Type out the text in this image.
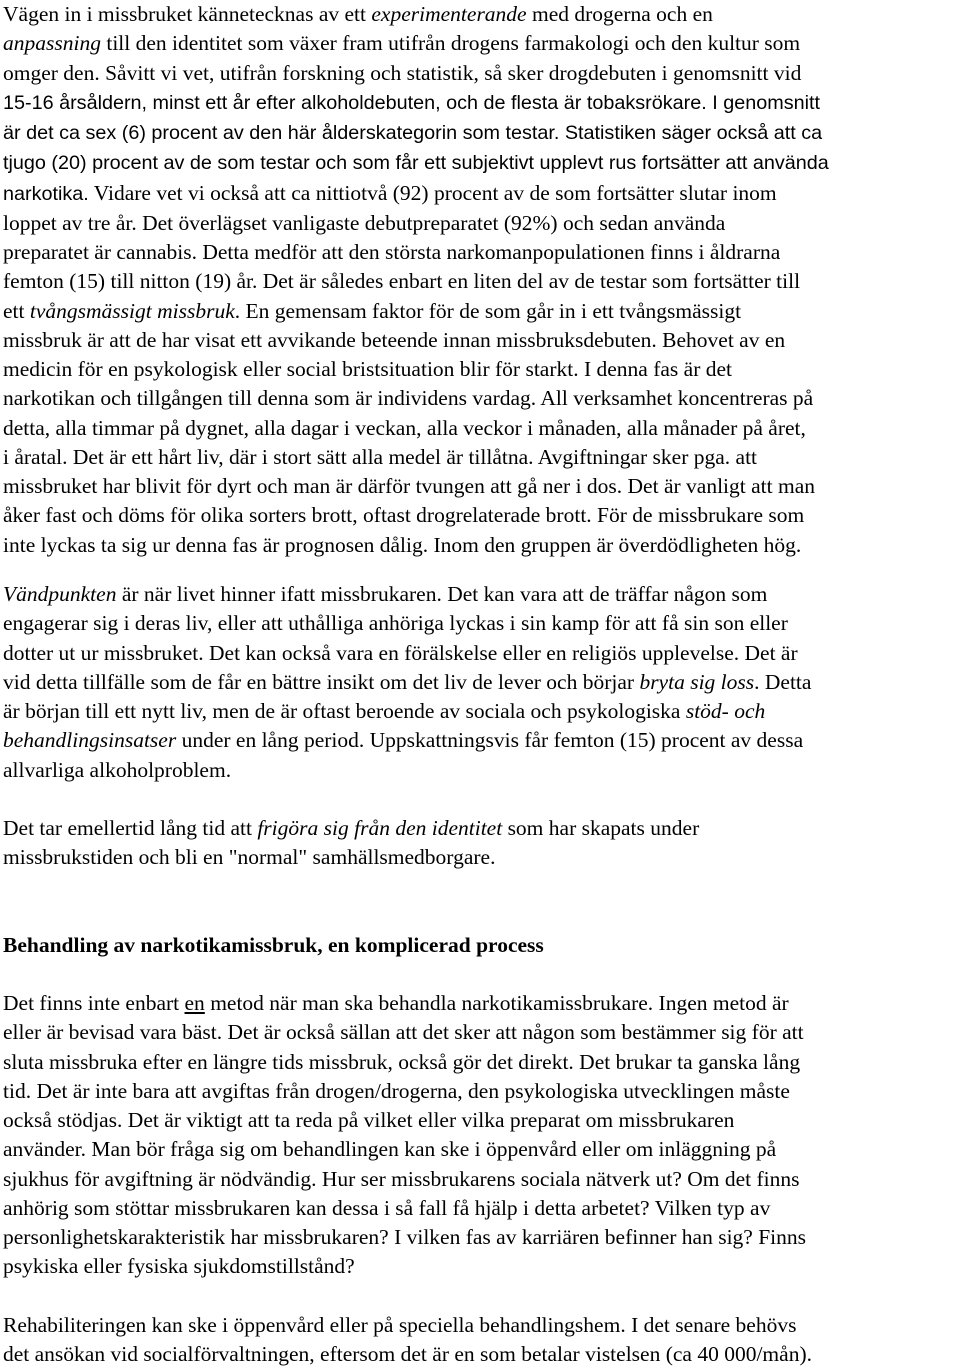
Vägen in i missbruket kännetecknas av ett experimenterande med drogerna och en
anpassning till den identitet som växer fram utifrån drogens farmakologi och den kultur som
omger den. Såvitt vi vet, utifrån forskning och statistik, så sker drogdebuten i genomsnitt vid
15-16 årsåldern, minst ett år efter alkoholdebuten, och de flesta är tobaksrökare. I genomsnitt
är det ca sex (6) procent av den här ålderskategorin som testar. Statistiken säger också att ca
tjugo (20) procent av de som testar och som får ett subjektivt upplevt rus fortsätter att använda
narkotika. Vidare vet vi också att ca nittiotvå (92) procent av de som fortsätter slutar inom
loppet av tre år. Det överlägset vanligaste debutpreparatet (92%) och sedan använda
preparatet är cannabis. Detta medför att den största narkomanpopulationen finns i åldrarna
femton (15) till nitton (19) år. Det är således enbart en liten del av de testar som fortsätter till
ett tvångsmässigt missbruk. En gemensam faktor för de som går in i ett tvångsmässigt
missbruk är att de har visat ett avvikande beteende innan missbruksdebuten. Behovet av en
medicin för en psykologisk eller social bristsituation blir för starkt. I denna fas är det
narkotikan och tillgången till denna som är individens vardag. All verksamhet koncentreras på
detta, alla timmar på dygnet, alla dagar i veckan, alla veckor i månaden, alla månader på året,
i åratal. Det är ett hårt liv, där i stort sätt alla medel är tillåtna. Avgiftningar sker pga. att
missbruket har blivit för dyrt och man är därför tvungen att gå ner i dos. Det är vanligt att man
åker fast och döms för olika sorters brott, oftast drogrelaterade brott. För de missbrukare som
inte lyckas ta sig ur denna fas är prognosen dålig. Inom den gruppen är överdödligheten hög.
Vändpunkten är när livet hinner ifatt missbrukaren. Det kan vara att de träffar någon som
engagerar sig i deras liv, eller att uthålliga anhöriga lyckas i sin kamp för att få sin son eller
dotter ut ur missbruket. Det kan också vara en förälskelse eller en religiös upplevelse. Det är
vid detta tillfälle som de får en bättre insikt om det liv de lever och börjar bryta sig loss. Detta
är början till ett nytt liv, men de är oftast beroende av sociala och psykologiska stöd- och
behandlingsinsatser under en lång period. Uppskattningsvis får femton (15) procent av dessa
allvarliga alkoholproblem.
Det tar emellertid lång tid att frigöra sig från den identitet som har skapats under
missbrukstiden och bli en "normal" samhällsmedborgare.
Behandling av narkotikamissbruk, en komplicerad process
Det finns inte enbart en metod när man ska behandla narkotikamissbrukare. Ingen metod är
eller är bevisad vara bäst. Det är också sällan att det sker att någon som bestämmer sig för att
sluta missbruka efter en längre tids missbruk, också gör det direkt. Det brukar ta ganska lång
tid. Det är inte bara att avgiftas från drogen/drogerna, den psykologiska utvecklingen måste
också stödjas. Det är viktigt att ta reda på vilket eller vilka preparat om missbrukaren
använder. Man bör fråga sig om behandlingen kan ske i öppenvård eller om inläggning på
sjukhus för avgiftning är nödvändig. Hur ser missbrukarens sociala nätverk ut? Om det finns
anhörig som stöttar missbrukaren kan dessa i så fall få hjälp i detta arbetet? Vilken typ av
personlighetskarakteristik har missbrukaren? I vilken fas av karriären befinner han sig? Finns
psykiska eller fysiska sjukdomstillstånd?
Rehabiliteringen kan ske i öppenvård eller på speciella behandlingshem. I det senare behövs
det ansökan vid socialförvaltningen, eftersom det är en som betalar vistelsen (ca 40 000/mån).
